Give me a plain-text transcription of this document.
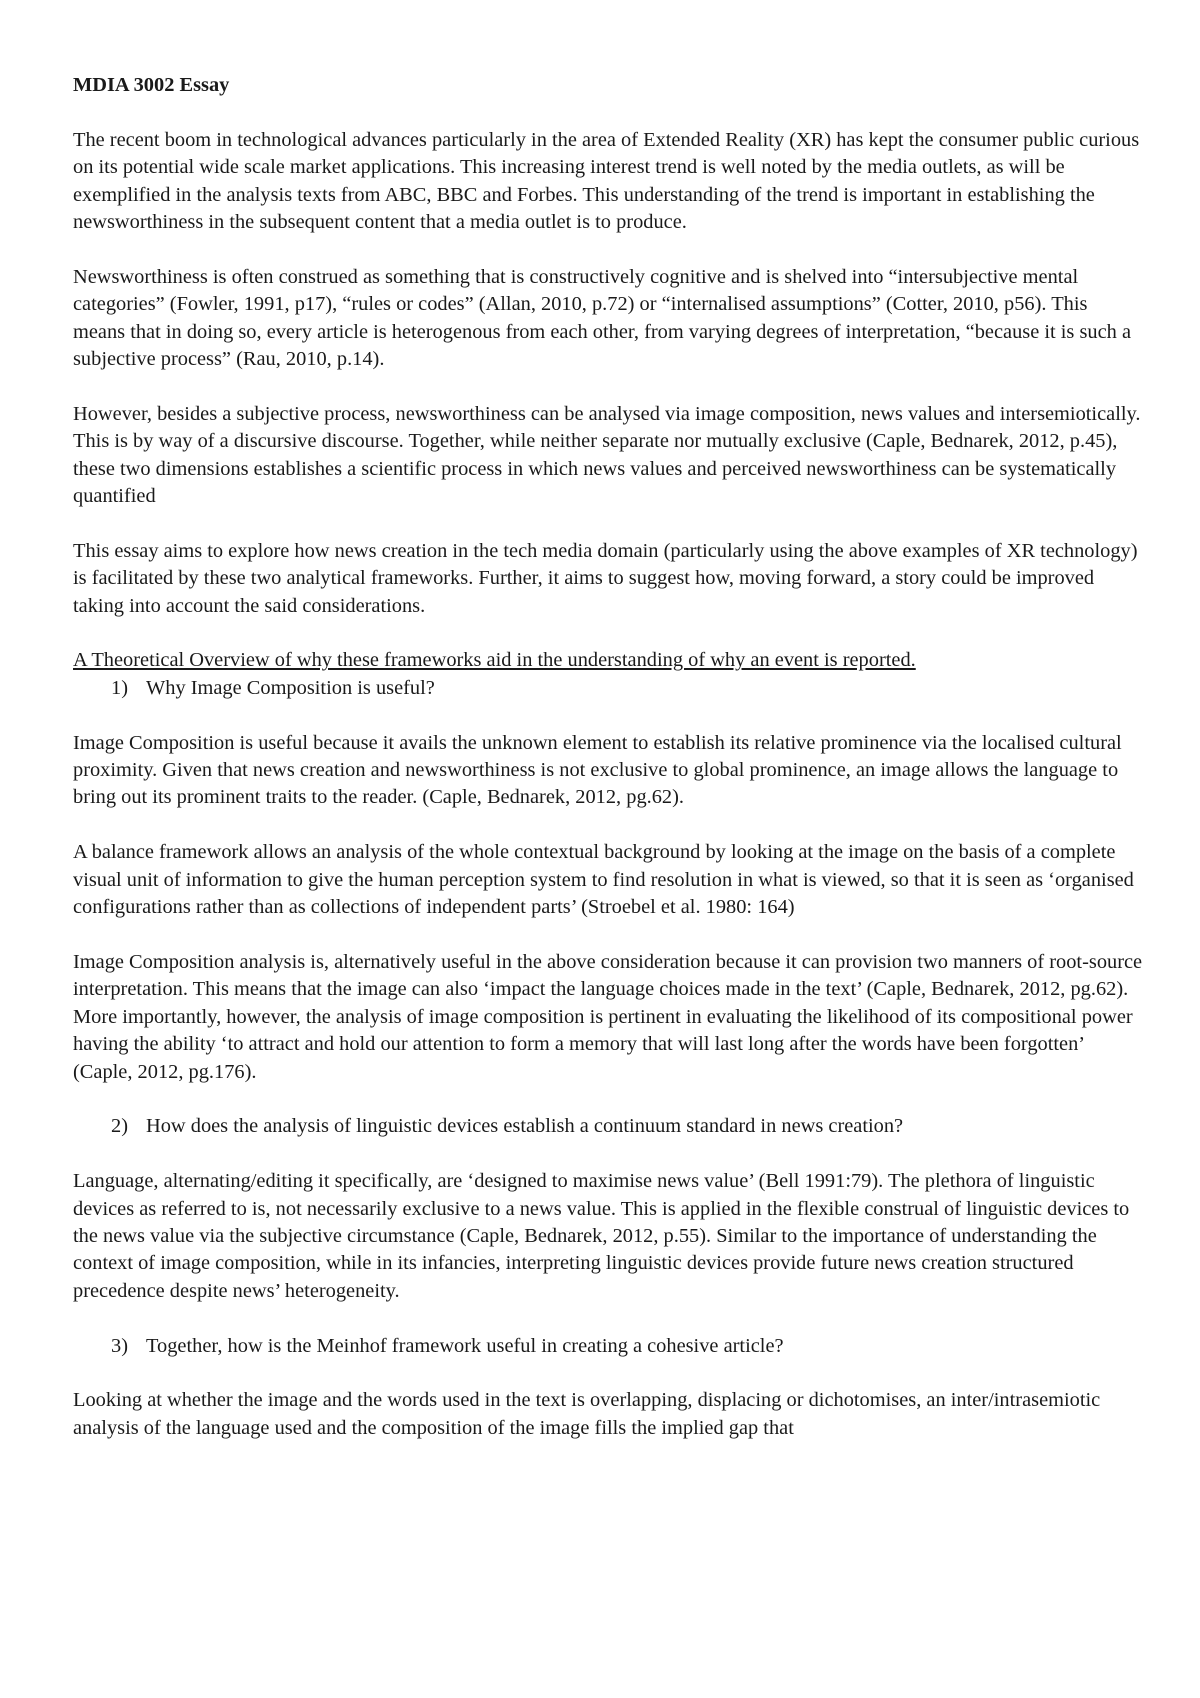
MDIA 3002 Essay

The recent boom in technological advances particularly in the area of Extended Reality (XR) has kept the consumer public curious on its potential wide scale market applications. This increasing interest trend is well noted by the media outlets, as will be exemplified in the analysis texts from ABC, BBC and Forbes. This understanding of the trend is important in establishing the newsworthiness in the subsequent content that a media outlet is to produce.

Newsworthiness is often construed as something that is constructively cognitive and is shelved into “intersubjective mental categories” (Fowler, 1991, p17), “rules or codes” (Allan, 2010, p.72) or “internalised assumptions” (Cotter, 2010, p56). This means that in doing so, every article is heterogenous from each other, from varying degrees of interpretation, “because it is such a subjective process” (Rau, 2010, p.14).

However, besides a subjective process, newsworthiness can be analysed via image composition, news values and intersemiotically. This is by way of a discursive discourse. Together, while neither separate nor mutually exclusive (Caple, Bednarek, 2012, p.45), these two dimensions establishes a scientific process in which news values and perceived newsworthiness can be systematically quantified

This essay aims to explore how news creation in the tech media domain (particularly using the above examples of XR technology) is facilitated by these two analytical frameworks. Further, it aims to suggest how, moving forward, a story could be improved taking into account the said considerations.

A Theoretical Overview of why these frameworks aid in the understanding of why an event is reported.
1) Why Image Composition is useful?

Image Composition is useful because it avails the unknown element to establish its relative prominence via the localised cultural proximity. Given that news creation and newsworthiness is not exclusive to global prominence, an image allows the language to bring out its prominent traits to the reader. (Caple, Bednarek, 2012, pg.62).

A balance framework allows an analysis of the whole contextual background by looking at the image on the basis of a complete visual unit of information to give the human perception system to find resolution in what is viewed, so that it is seen as ‘organised configurations rather than as collections of independent parts’ (Stroebel et al. 1980: 164)

Image Composition analysis is, alternatively useful in the above consideration because it can provision two manners of root-source interpretation. This means that the image can also ‘impact the language choices made in the text’ (Caple, Bednarek, 2012, pg.62). More importantly, however, the analysis of image composition is pertinent in evaluating the likelihood of its compositional power having the ability ‘to attract and hold our attention to form a memory that will last long after the words have been forgotten’ (Caple, 2012, pg.176).

2) How does the analysis of linguistic devices establish a continuum standard in news creation?

Language, alternating/editing it specifically, are ‘designed to maximise news value’ (Bell 1991:79). The plethora of linguistic devices as referred to is, not necessarily exclusive to a news value. This is applied in the flexible construal of linguistic devices to the news value via the subjective circumstance (Caple, Bednarek, 2012, p.55). Similar to the importance of understanding the context of image composition, while in its infancies, interpreting linguistic devices provide future news creation structured precedence despite news’ heterogeneity.

3) Together, how is the Meinhof framework useful in creating a cohesive article?

Looking at whether the image and the words used in the text is overlapping, displacing or dichotomises, an inter/intrasemiotic analysis of the language used and the composition of the image fills the implied gap that
